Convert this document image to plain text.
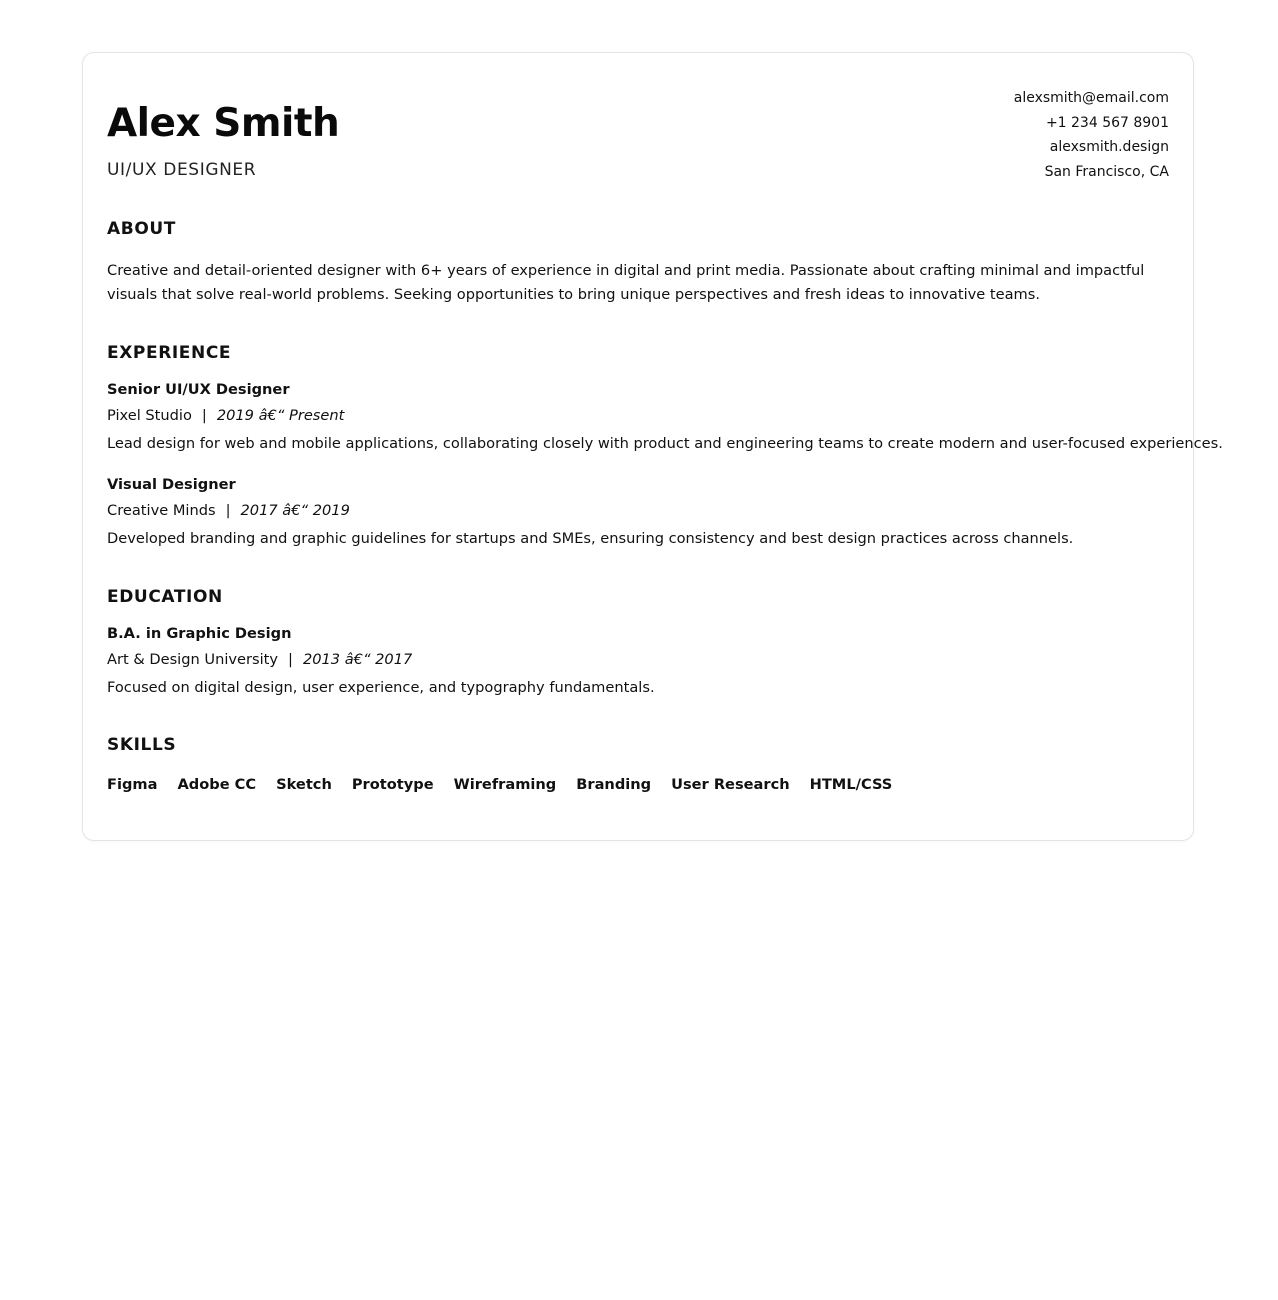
Alex Smith
UI/UX DESIGNER
alexsmith@email.com
+1 234 567 8901
alexsmith.design
San Francisco, CA
ABOUT
Creative and detail-oriented designer with 6+ years of experience in digital and print media. Passionate about crafting minimal and impactful visuals that solve real-world problems. Seeking opportunities to bring unique perspectives and fresh ideas to innovative teams.
EXPERIENCE
Senior UI/UX Designer
Pixel Studio | 2019 â€“ Present
Lead design for web and mobile applications, collaborating closely with product and engineering teams to create modern and user-focused experiences.
Visual Designer
Creative Minds | 2017 â€“ 2019
Developed branding and graphic guidelines for startups and SMEs, ensuring consistency and best design practices across channels.
EDUCATION
B.A. in Graphic Design
Art & Design University | 2013 â€“ 2017
Focused on digital design, user experience, and typography fundamentals.
SKILLS
Figma Adobe CC Sketch Prototype Wireframing Branding User Research HTML/CSS
